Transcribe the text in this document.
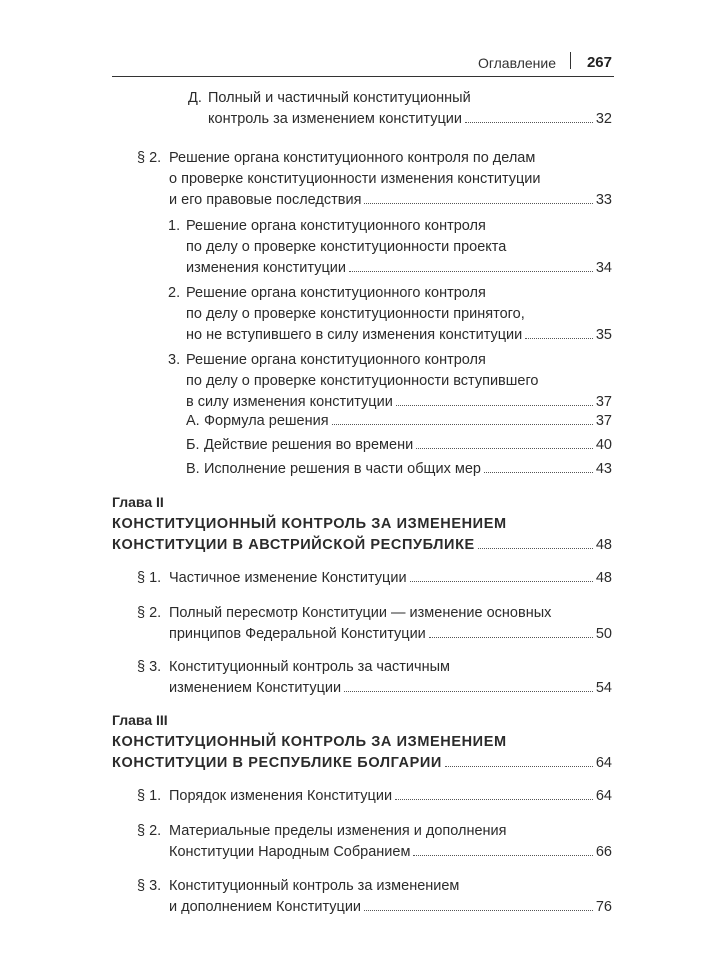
Оглавление 267
Д. Полный и частичный конституционный
контроль за изменением конституции	32
§ 2. Решение органа конституционного контроля по делам
о проверке конституционности изменения конституции
и его правовые последствия	33
1. Решение органа конституционного контроля
по делу о проверке конституционности проекта
изменения конституции	34
2. Решение органа конституционного контроля
по делу о проверке конституционности принятого,
но не вступившего в силу изменения конституции	35
3. Решение органа конституционного контроля
по делу о проверке конституционности вступившего
в силу изменения конституции	37
А. Формула решения	37
Б. Действие решения во времени	40
В. Исполнение решения в части общих мер	43
Глава II
КОНСТИТУЦИОННЫЙ КОНТРОЛЬ ЗА ИЗМЕНЕНИЕМ
КОНСТИТУЦИИ В АВСТРИЙСКОЙ РЕСПУБЛИКЕ	48
§ 1. Частичное изменение Конституции	48
§ 2. Полный пересмотр Конституции — изменение основных
принципов Федеральной Конституции	50
§ 3. Конституционный контроль за частичным
изменением Конституции	54
Глава III
КОНСТИТУЦИОННЫЙ КОНТРОЛЬ ЗА ИЗМЕНЕНИЕМ
КОНСТИТУЦИИ В РЕСПУБЛИКЕ БОЛГАРИИ	64
§ 1. Порядок изменения Конституции	64
§ 2. Материальные пределы изменения и дополнения
Конституции Народным Собранием	66
§ 3. Конституционный контроль за изменением
и дополнением Конституции	76
